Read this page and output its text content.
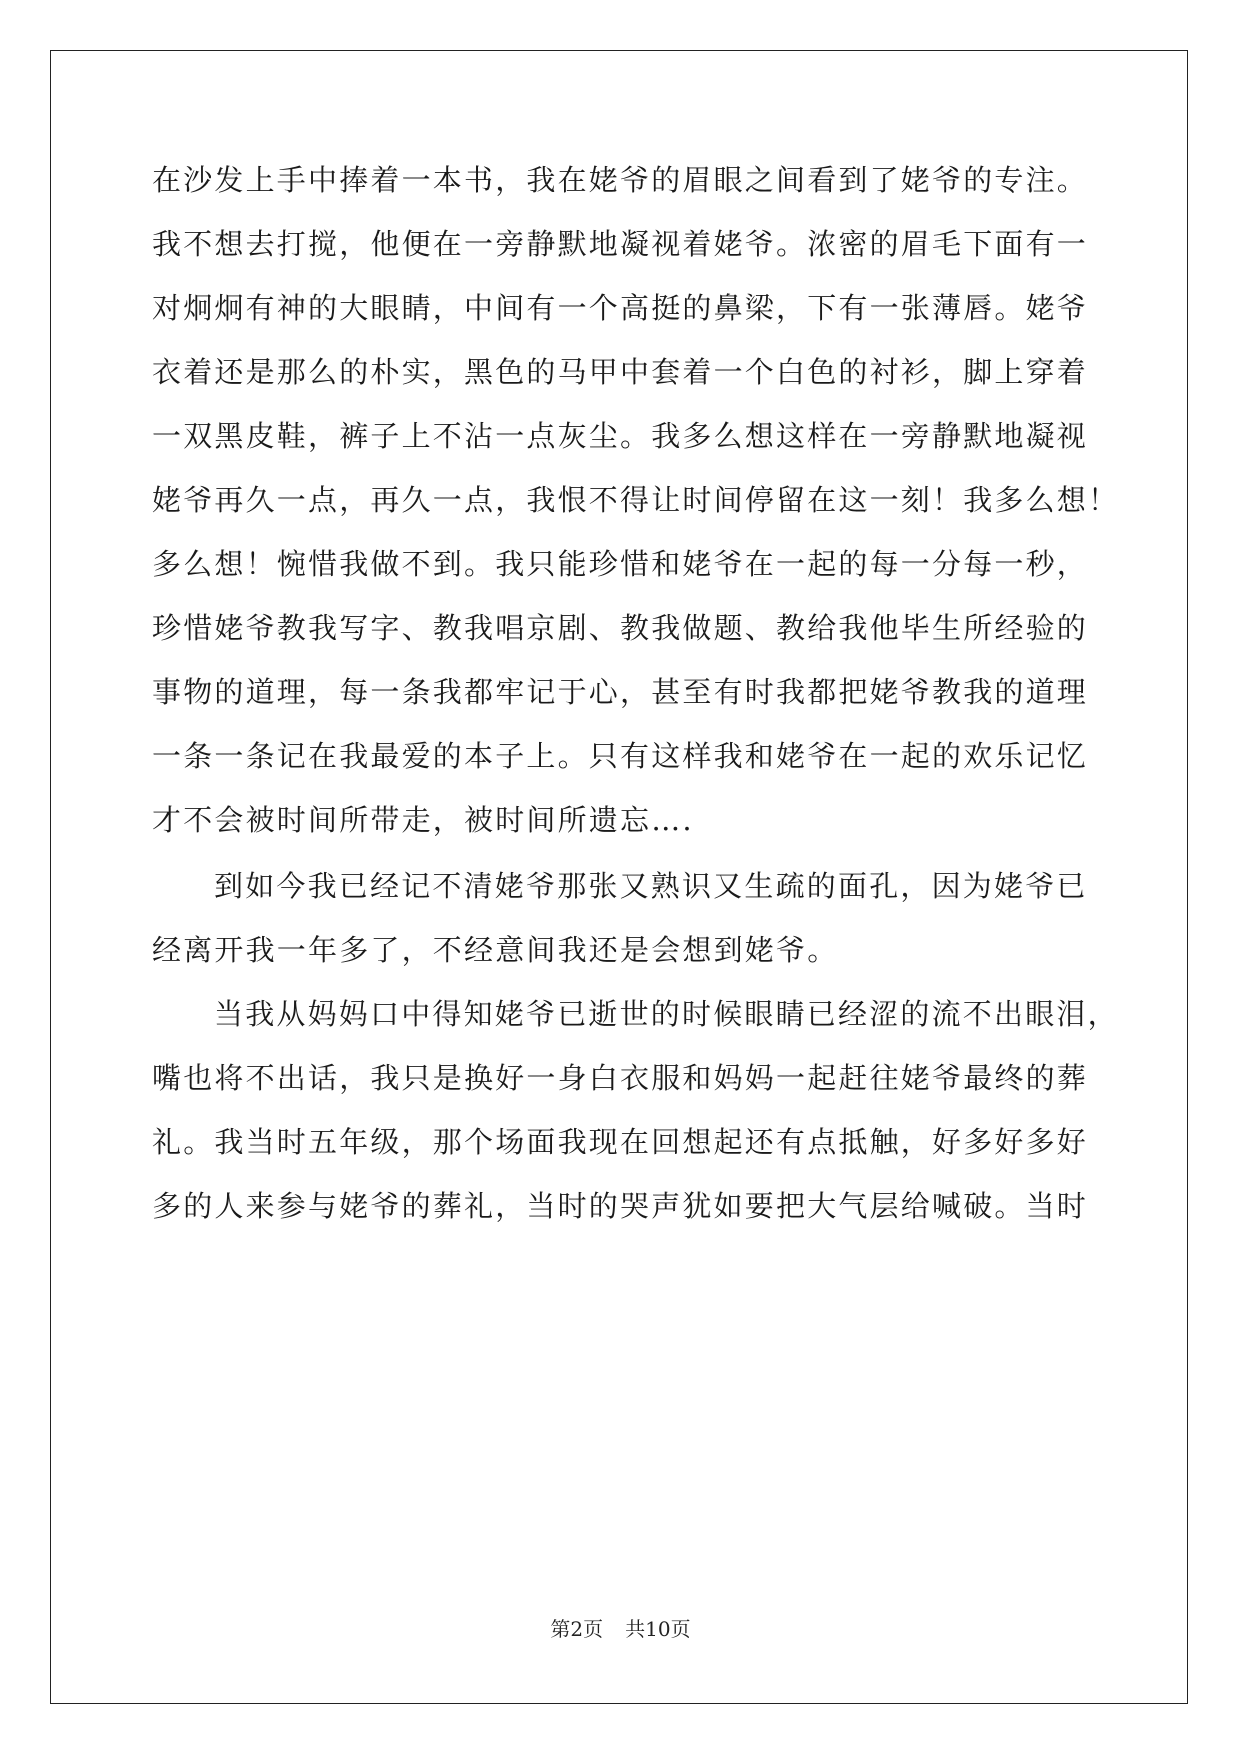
在沙发上手中捧着一本书，我在姥爷的眉眼之间看到了姥爷的专注。
我不想去打搅，他便在一旁静默地凝视着姥爷。浓密的眉毛下面有一
对炯炯有神的大眼睛，中间有一个高挺的鼻梁，下有一张薄唇。姥爷
衣着还是那么的朴实，黑色的马甲中套着一个白色的衬衫，脚上穿着
一双黑皮鞋，裤子上不沾一点灰尘。我多么想这样在一旁静默地凝视
姥爷再久一点，再久一点，我恨不得让时间停留在这一刻！我多么想！
多么想！惋惜我做不到。我只能珍惜和姥爷在一起的每一分每一秒，
珍惜姥爷教我写字、教我唱京剧、教我做题、教给我他毕生所经验的
事物的道理，每一条我都牢记于心，甚至有时我都把姥爷教我的道理
一条一条记在我最爱的本子上。只有这样我和姥爷在一起的欢乐记忆
才不会被时间所带走，被时间所遗忘….
到如今我已经记不清姥爷那张又熟识又生疏的面孔，因为姥爷已
经离开我一年多了，不经意间我还是会想到姥爷。
当我从妈妈口中得知姥爷已逝世的时候眼睛已经涩的流不出眼泪，
嘴也将不出话，我只是换好一身白衣服和妈妈一起赶往姥爷最终的葬
礼。我当时五年级，那个场面我现在回想起还有点抵触，好多好多好
多的人来参与姥爷的葬礼，当时的哭声犹如要把大气层给喊破。当时
第2页 共10页
